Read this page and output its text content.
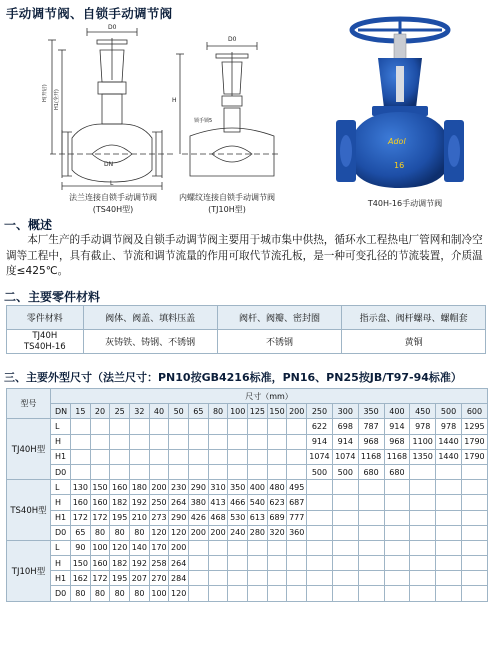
手动调节阀、自锁手动调节阀
D0
H(开启) H1(全开)
DN
L
法兰连接自锁手动调节阀
(TS40H型)
D0
H
锁手锁5
内螺纹连接自锁手动调节阀
(TJ10H型)
Adol
16
T40H-16手动调节阀
一、概述
本厂生产的手动调节阀及自锁手动调节阀主要用于城市集中供热，循环水工程热电厂管网和制冷空调等工程中，具有截止、节流和调节流量的作用可取代节流孔板，是一种可变孔径的节流装置，介质温度≤425℃。
二、主要零件材料
零件材料	阀体、阀盖、填料压盖	阀杆、阀瓣、密封圈	指示盘、阀杆螺母、螺帽套
TJ40H
TS40H-16	灰铸铁、铸钢、不锈钢	不锈钢	黄铜
三、主要外型尺寸（法兰尺寸：PN10按GB4216标准，PN16、PN25按JB/T97-94标准）
型号	尺寸（mm）																			
	DN	15	20	25	32	40	50	65	80	100	125	150	200	250	300	350	400	450	500	600
TJ40H型	L													622	698	787	914	978	978	1295
	H													914	914	968	968	1100	1440	1790
	H1													1074	1074	1168	1168	1350	1440	1790
	D0													500	500	680	680			
TS40H型	L	130	150	160	180	200	230	290	310	350	400	480	495							
	H	160	160	182	192	250	264	380	413	466	540	623	687							
	H1	172	172	195	210	273	290	426	468	530	613	689	777							
	D0	65	80	80	80	120	120	200	200	240	280	320	360							
TJ10H型	L	90	100	120	140	170	200													
	H	150	160	182	192	258	264													
	H1	162	172	195	207	270	284													
	D0	80	80	80	80	100	120													
